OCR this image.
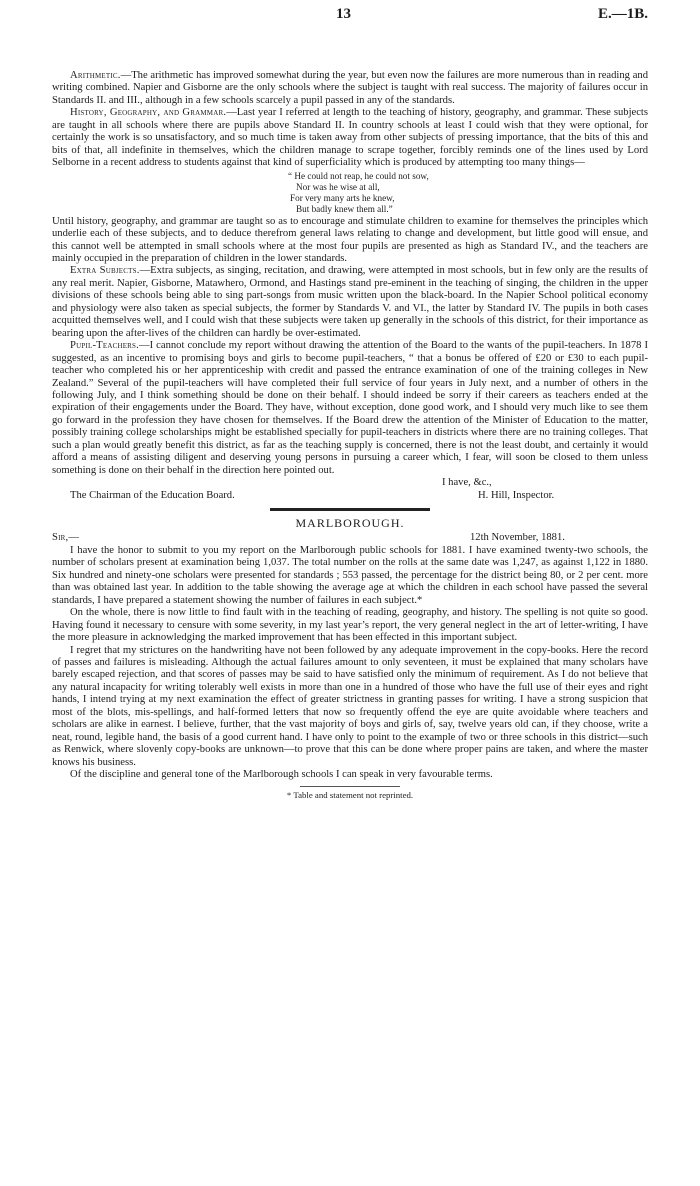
13	E.—1B.

Arithmetic.—The arithmetic has improved somewhat during the year, but even now the failures are more numerous than in reading and writing combined. Napier and Gisborne are the only schools where the subject is taught with real success. The majority of failures occur in Standards II. and III., although in a few schools scarcely a pupil passed in any of the standards.

History, Geography, and Grammar.—Last year I referred at length to the teaching of history, geography, and grammar. These subjects are taught in all schools where there are pupils above Standard II. In country schools at least I could wish that they were optional, for certainly the work is so unsatisfactory, and so much time is taken away from other subjects of pressing importance, that the bits of this and bits of that, all indefinite in themselves, which the children manage to scrape together, forcibly reminds one of the lines used by Lord Selborne in a recent address to students against that kind of superficiality which is produced by attempting too many things—

“ He could not reap, he could not sow,
Nor was he wise at all,
For very many arts he knew,
But badly knew them all.”

Until history, geography, and grammar are taught so as to encourage and stimulate children to examine for themselves the principles which underlie each of these subjects, and to deduce therefrom general laws relating to change and development, but little good will ensue, and this cannot well be attempted in small schools where at the most four pupils are presented as high as Standard IV., and the teachers are mainly occupied in the preparation of children in the lower standards.

Extra Subjects.—Extra subjects, as singing, recitation, and drawing, were attempted in most schools, but in few only are the results of any real merit. Napier, Gisborne, Matawhero, Ormond, and Hastings stand pre-eminent in the teaching of singing, the children in the upper divisions of these schools being able to sing part-songs from music written upon the black-board. In the Napier School political economy and physiology were also taken as special subjects, the former by Standards V. and VI., the latter by Standard IV. The pupils in both cases acquitted themselves well, and I could wish that these subjects were taken up generally in the schools of this district, for their importance as bearing upon the after-lives of the children can hardly be over-estimated.

Pupil-Teachers.—I cannot conclude my report without drawing the attention of the Board to the wants of the pupil-teachers. In 1878 I suggested, as an incentive to promising boys and girls to become pupil-teachers, “ that a bonus be offered of £20 or £30 to each pupil-teacher who completed his or her apprenticeship with credit and passed the entrance examination of one of the training colleges in New Zealand.” Several of the pupil-teachers will have completed their full service of four years in July next, and a number of others in the following July, and I think something should be done on their behalf. I should indeed be sorry if their careers as teachers ended at the expiration of their engagements under the Board. They have, without exception, done good work, and I should very much like to see them go forward in the profession they have chosen for themselves. If the Board drew the attention of the Minister of Education to the matter, possibly training college scholarships might be established specially for pupil-teachers in districts where there are no training colleges. That such a plan would greatly benefit this district, as far as the teaching supply is concerned, there is not the least doubt, and certainly it would afford a means of assisting diligent and deserving young persons in pursuing a career which, I fear, will soon be closed to them unless something is done on their behalf in the direction here pointed out.

I have, &c.,
The Chairman of the Education Board.	H. Hill, Inspector.
MARLBOROUGH.
Sir,—	12th November, 1881.

I have the honor to submit to you my report on the Marlborough public schools for 1881. I have examined twenty-two schools, the number of scholars present at examination being 1,037. The total number on the rolls at the same date was 1,247, as against 1,122 in 1880. Six hundred and ninety-one scholars were presented for standards ; 553 passed, the percentage for the district being 80, or 2 per cent. more than was obtained last year. In addition to the table showing the average age at which the children in each school have passed the several standards, I have prepared a statement showing the number of failures in each subject.*

On the whole, there is now little to find fault with in the teaching of reading, geography, and history. The spelling is not quite so good. Having found it necessary to censure with some severity, in my last year’s report, the very general neglect in the art of letter-writing, I have the more pleasure in acknowledging the marked improvement that has been effected in this important subject.

I regret that my strictures on the handwriting have not been followed by any adequate improvement in the copy-books. Here the record of passes and failures is misleading. Although the actual failures amount to only seventeen, it must be explained that many scholars have barely escaped rejection, and that scores of passes may be said to have satisfied only the minimum of requirement. As I do not believe that any natural incapacity for writing tolerably well exists in more than one in a hundred of those who have the full use of their eyes and right hands, I intend trying at my next examination the effect of greater strictness in granting passes for writing. I have a strong suspicion that most of the blots, mis-spellings, and half-formed letters that now so frequently offend the eye are quite avoidable where teachers and scholars are alike in earnest. I believe, further, that the vast majority of boys and girls of, say, twelve years old can, if they choose, write a neat, round, legible hand, the basis of a good current hand. I have only to point to the example of two or three schools in this district—such as Renwick, where slovenly copy-books are unknown—to prove that this can be done where proper pains are taken, and where the master knows his business.

Of the discipline and general tone of the Marlborough schools I can speak in very favourable terms.

* Table and statement not reprinted.
